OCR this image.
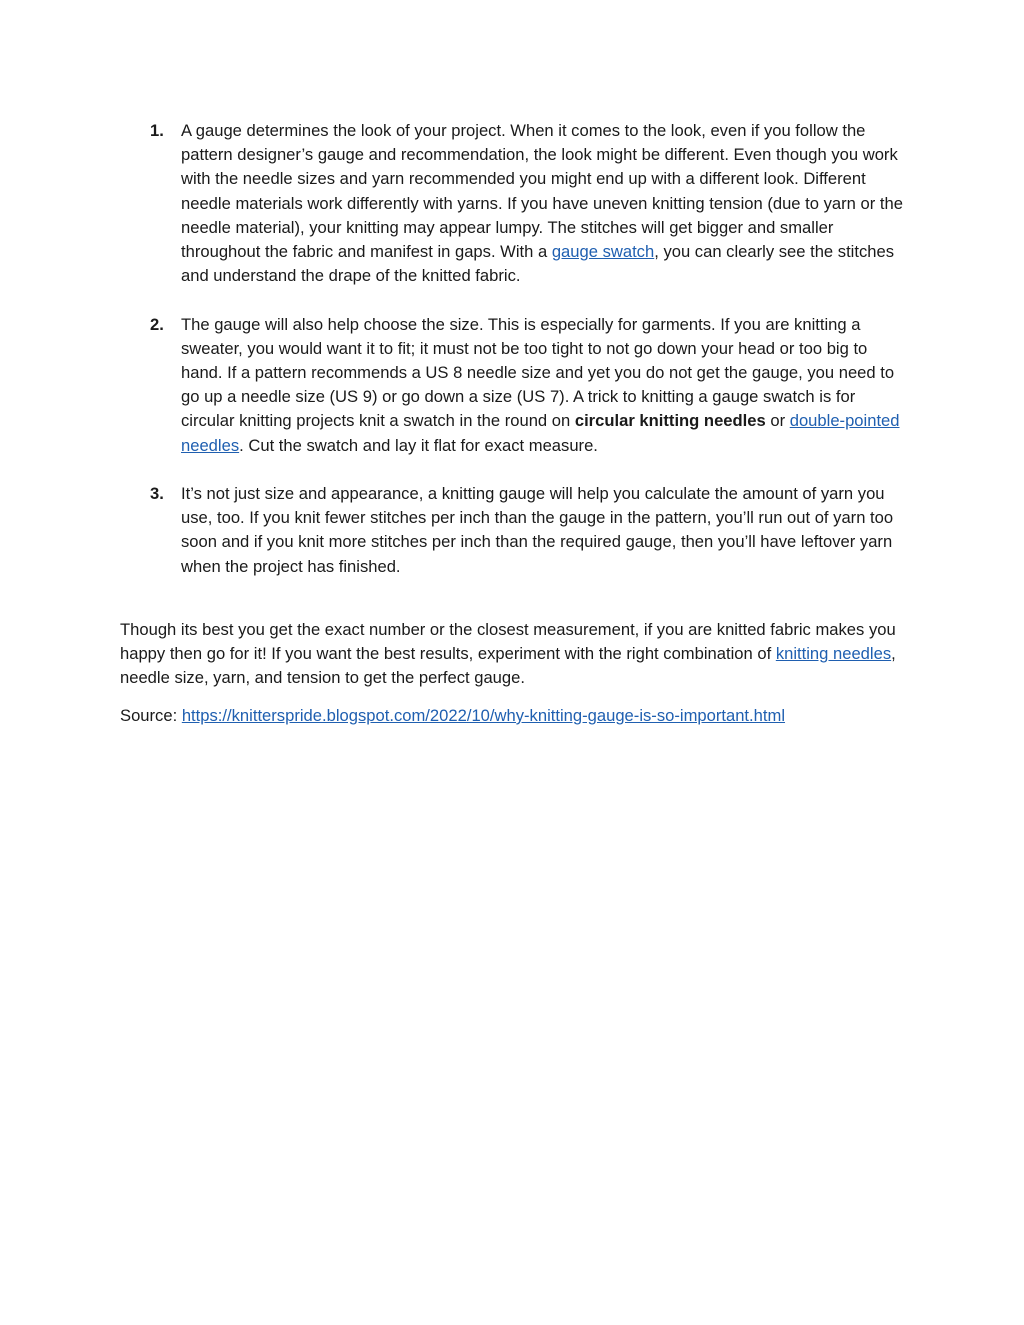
1. A gauge determines the look of your project. When it comes to the look, even if you follow the pattern designer’s gauge and recommendation, the look might be different. Even though you work with the needle sizes and yarn recommended you might end up with a different look. Different needle materials work differently with yarns. If you have uneven knitting tension (due to yarn or the needle material), your knitting may appear lumpy. The stitches will get bigger and smaller throughout the fabric and manifest in gaps. With a gauge swatch, you can clearly see the stitches and understand the drape of the knitted fabric.
2. The gauge will also help choose the size. This is especially for garments. If you are knitting a sweater, you would want it to fit; it must not be too tight to not go down your head or too big to hand. If a pattern recommends a US 8 needle size and yet you do not get the gauge, you need to go up a needle size (US 9) or go down a size (US 7). A trick to knitting a gauge swatch is for circular knitting projects knit a swatch in the round on circular knitting needles or double-pointed needles. Cut the swatch and lay it flat for exact measure.
3. It’s not just size and appearance, a knitting gauge will help you calculate the amount of yarn you use, too. If you knit fewer stitches per inch than the gauge in the pattern, you’ll run out of yarn too soon and if you knit more stitches per inch than the required gauge, then you’ll have leftover yarn when the project has finished.

Though its best you get the exact number or the closest measurement, if you are knitted fabric makes you happy then go for it! If you want the best results, experiment with the right combination of knitting needles, needle size, yarn, and tension to get the perfect gauge.

Source: https://knitterspride.blogspot.com/2022/10/why-knitting-gauge-is-so-important.html
